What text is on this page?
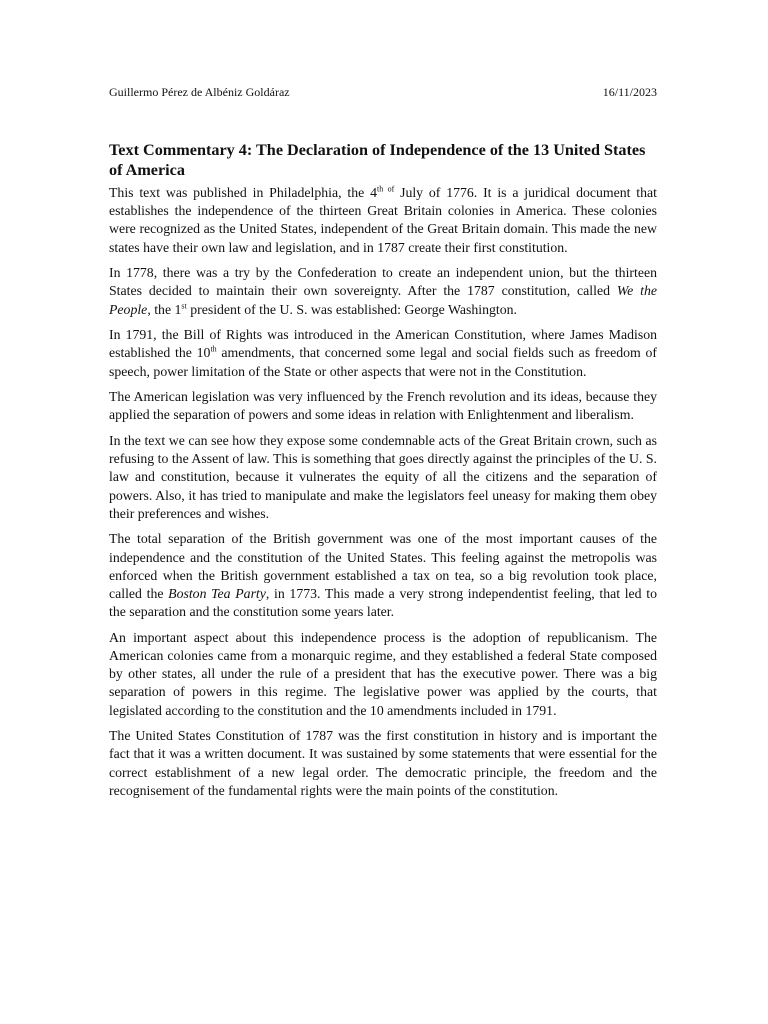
Guillermo Pérez de Albéniz Goldáraz	16/11/2023
Text Commentary 4: The Declaration of Independence of the 13 United States of America

This text was published in Philadelphia, the $4^{th of}$ July of 1776. It is a juridical document that establishes the independence of the thirteen Great Britain colonies in America. These colonies were recognized as the United States, independent of the Great Britain domain. This made the new states have their own law and legislation, and in 1787 create their first constitution.

In 1778, there was a try by the Confederation to create an independent union, but the thirteen States decided to maintain their own sovereignty. After the 1787 constitution, called We the People, the 1st president of the U. S. was established: George Washington.

In 1791, the Bill of Rights was introduced in the American Constitution, where James Madison established the 10th amendments, that concerned some legal and social fields such as freedom of speech, power limitation of the State or other aspects that were not in the Constitution.

The American legislation was very influenced by the French revolution and its ideas, because they applied the separation of powers and some ideas in relation with Enlightenment and liberalism.

In the text we can see how they expose some condemnable acts of the Great Britain crown, such as refusing to the Assent of law. This is something that goes directly against the principles of the U. S. law and constitution, because it vulnerates the equity of all the citizens and the separation of powers. Also, it has tried to manipulate and make the legislators feel uneasy for making them obey their preferences and wishes.

The total separation of the British government was one of the most important causes of the independence and the constitution of the United States. This feeling against the metropolis was enforced when the British government established a tax on tea, so a big revolution took place, called the Boston Tea Party, in 1773. This made a very strong independentist feeling, that led to the separation and the constitution some years later.

An important aspect about this independence process is the adoption of republicanism. The American colonies came from a monarquic regime, and they established a federal State composed by other states, all under the rule of a president that has the executive power. There was a big separation of powers in this regime. The legislative power was applied by the courts, that legislated according to the constitution and the 10 amendments included in 1791.

The United States Constitution of 1787 was the first constitution in history and is important the fact that it was a written document. It was sustained by some statements that were essential for the correct establishment of a new legal order. The democratic principle, the freedom and the recognisement of the fundamental rights were the main points of the constitution.
